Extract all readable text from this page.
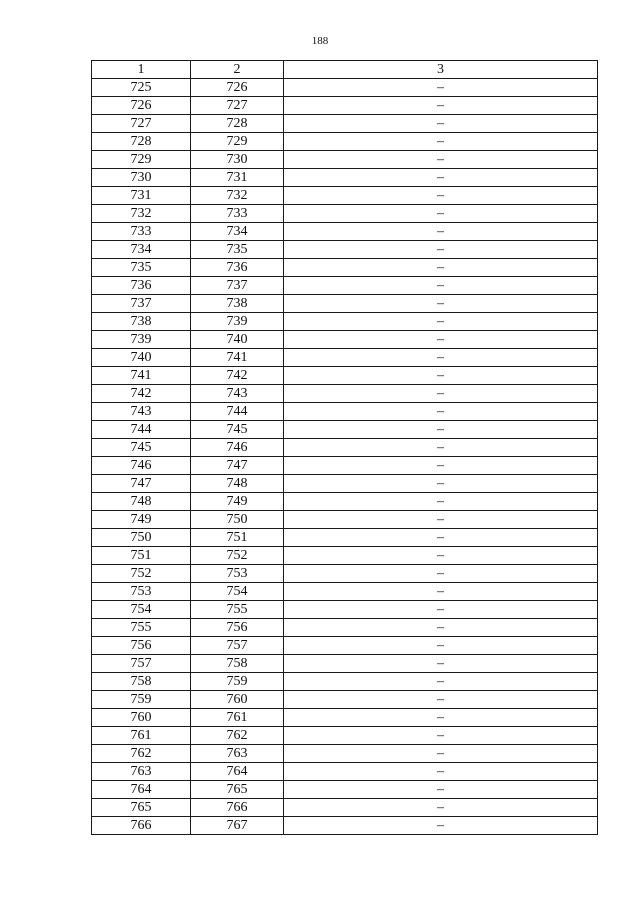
188
1	2	3
725	726	–
726	727	–
727	728	–
728	729	–
729	730	–
730	731	–
731	732	–
732	733	–
733	734	–
734	735	–
735	736	–
736	737	–
737	738	–
738	739	–
739	740	–
740	741	–
741	742	–
742	743	–
743	744	–
744	745	–
745	746	–
746	747	–
747	748	–
748	749	–
749	750	–
750	751	–
751	752	–
752	753	–
753	754	–
754	755	–
755	756	–
756	757	–
757	758	–
758	759	–
759	760	–
760	761	–
761	762	–
762	763	–
763	764	–
764	765	–
765	766	–
766	767	–
